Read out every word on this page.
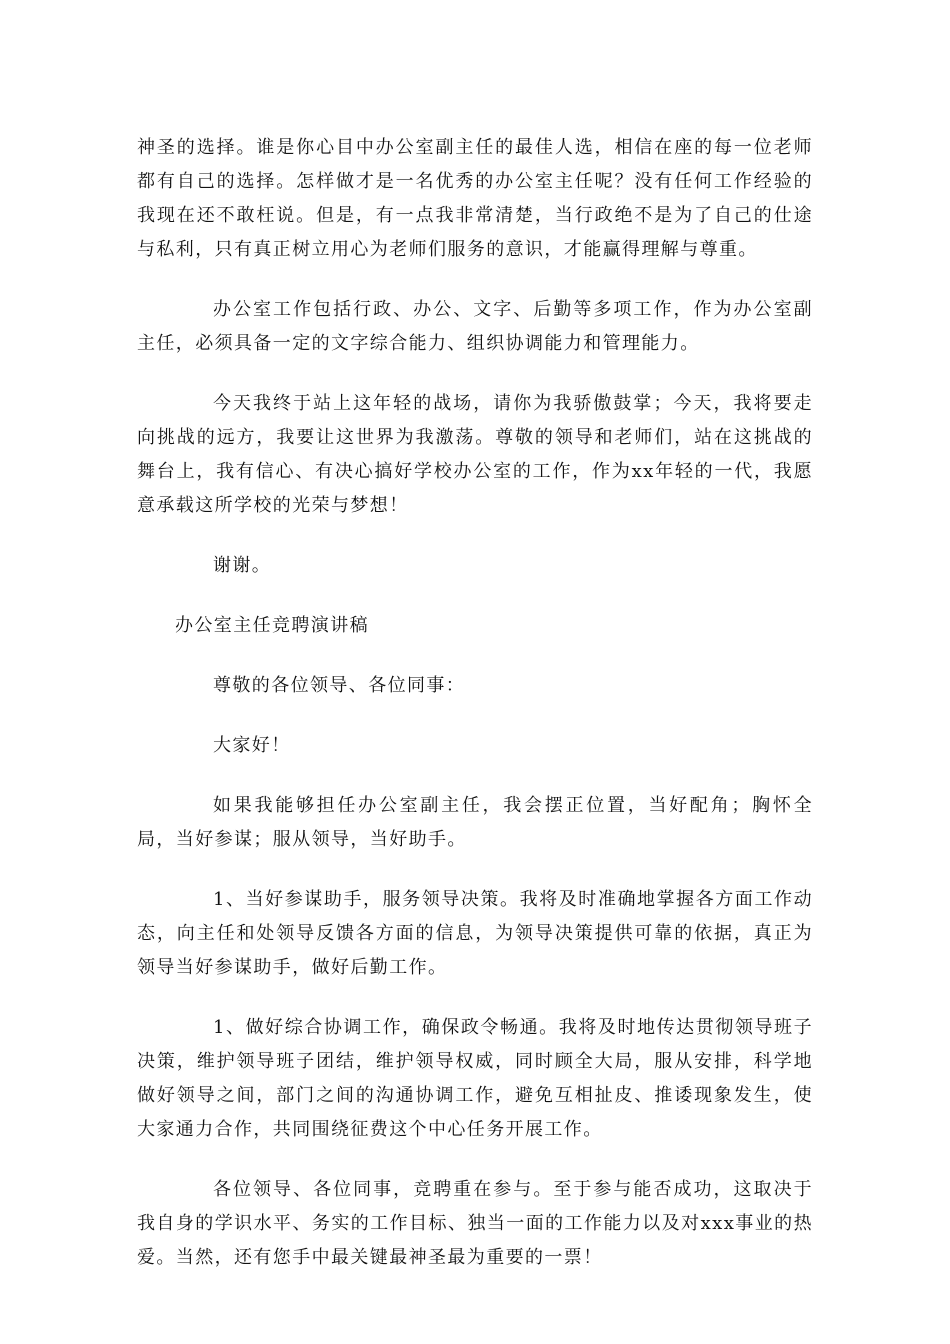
神圣的选择。谁是你心目中办公室副主任的最佳人选，相信在座的每一位老师都有自己的选择。怎样做才是一名优秀的办公室主任呢？没有任何工作经验的我现在还不敢枉说。但是，有一点我非常清楚，当行政绝不是为了自己的仕途与私利，只有真正树立用心为老师们服务的意识，才能赢得理解与尊重。

办公室工作包括行政、办公、文字、后勤等多项工作，作为办公室副主任，必须具备一定的文字综合能力、组织协调能力和管理能力。

今天我终于站上这年轻的战场，请你为我骄傲鼓掌；今天，我将要走向挑战的远方，我要让这世界为我激荡。尊敬的领导和老师们，站在这挑战的舞台上，我有信心、有决心搞好学校办公室的工作，作为xx年轻的一代，我愿意承载这所学校的光荣与梦想！

谢谢。

办公室主任竞聘演讲稿

尊敬的各位领导、各位同事：

大家好！

如果我能够担任办公室副主任，我会摆正位置，当好配角；胸怀全局，当好参谋；服从领导，当好助手。

1、当好参谋助手，服务领导决策。我将及时准确地掌握各方面工作动态，向主任和处领导反馈各方面的信息，为领导决策提供可靠的依据，真正为领导当好参谋助手，做好后勤工作。

1、做好综合协调工作，确保政令畅通。我将及时地传达贯彻领导班子决策，维护领导班子团结，维护领导权威，同时顾全大局，服从安排，科学地做好领导之间，部门之间的沟通协调工作，避免互相扯皮、推诿现象发生，使大家通力合作，共同围绕征费这个中心任务开展工作。

各位领导、各位同事，竞聘重在参与。至于参与能否成功，这取决于我自身的学识水平、务实的工作目标、独当一面的工作能力以及对xxx事业的热爱。当然，还有您手中最关键最神圣最为重要的一票！
